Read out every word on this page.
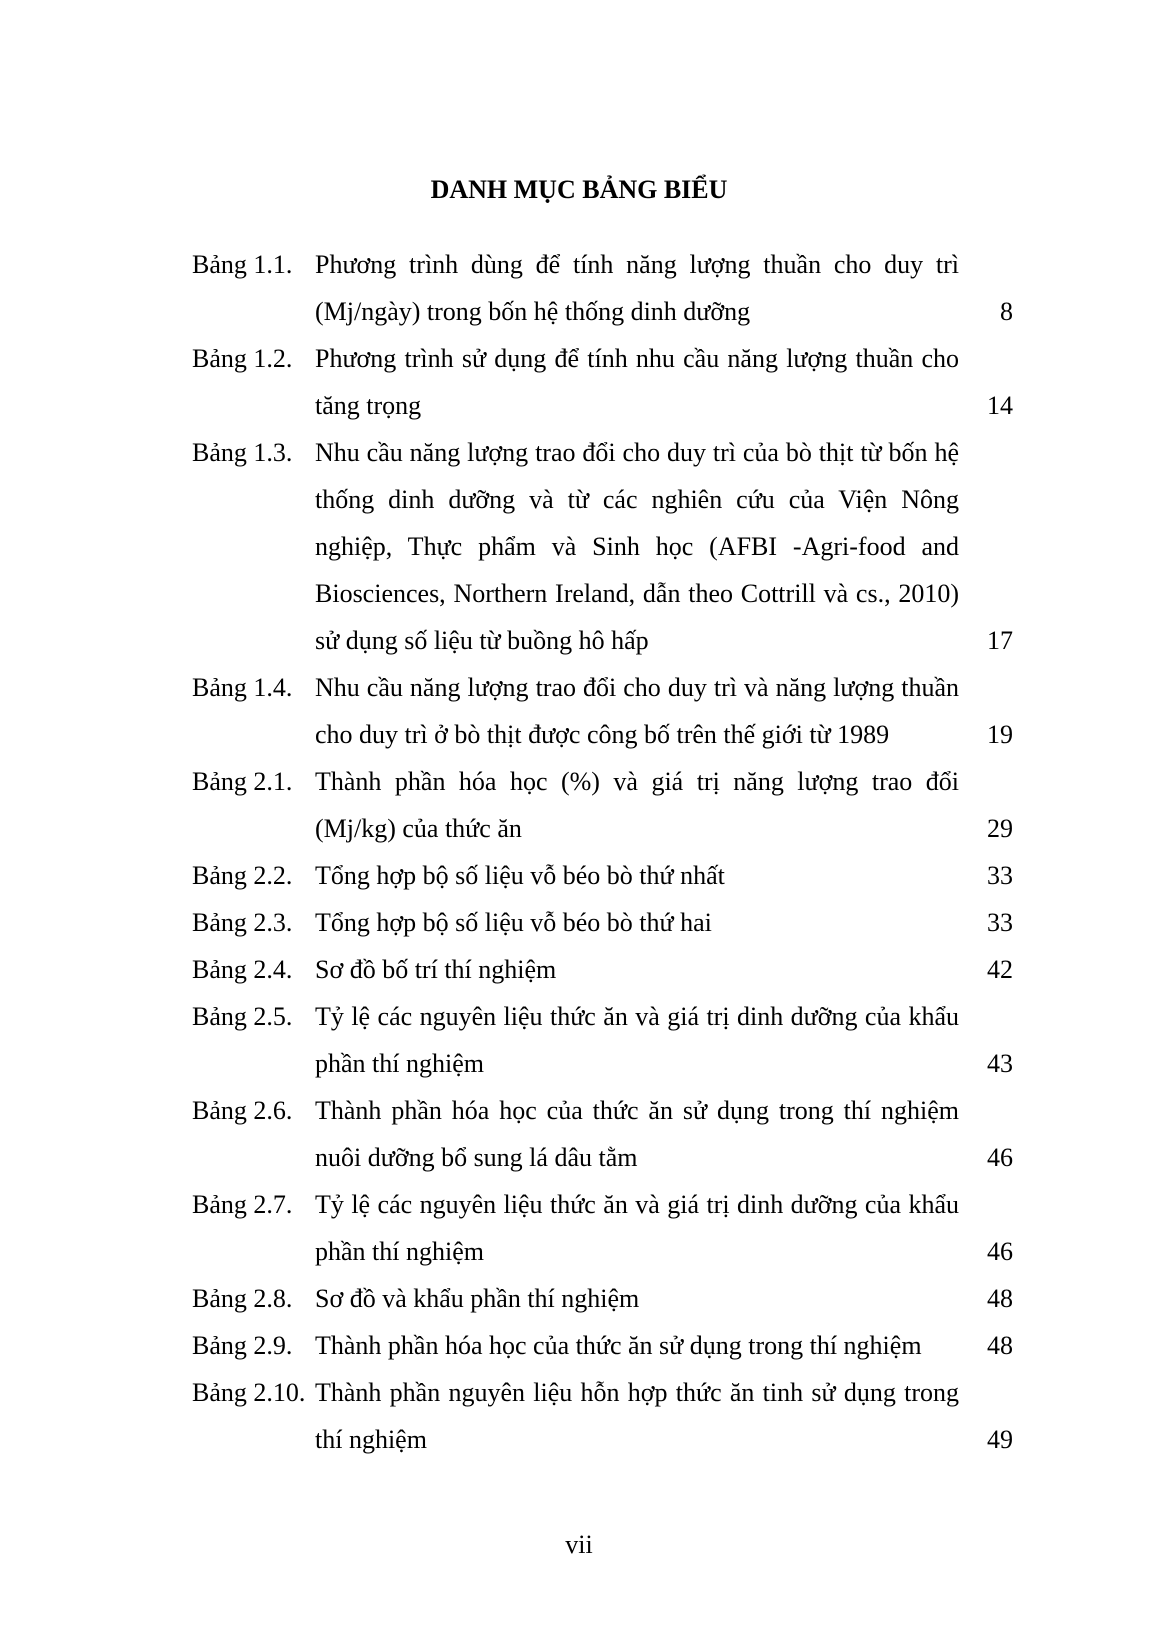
DANH MỤC BẢNG BIỂU
Bảng 1.1. Phương trình dùng để tính năng lượng thuần cho duy trì (Mj/ngày) trong bốn hệ thống dinh dưỡng	8
Bảng 1.2. Phương trình sử dụng để tính nhu cầu năng lượng thuần cho tăng trọng	14
Bảng 1.3. Nhu cầu năng lượng trao đổi cho duy trì của bò thịt từ bốn hệ thống dinh dưỡng và từ các nghiên cứu của Viện Nông nghiệp, Thực phẩm và Sinh học (AFBI -Agri-food and Biosciences, Northern Ireland, dẫn theo Cottrill và cs., 2010) sử dụng số liệu từ buồng hô hấp	17
Bảng 1.4. Nhu cầu năng lượng trao đổi cho duy trì và năng lượng thuần cho duy trì ở bò thịt được công bố trên thế giới từ 1989	19
Bảng 2.1. Thành phần hóa học (%) và giá trị năng lượng trao đổi (Mj/kg) của thức ăn	29
Bảng 2.2. Tổng hợp bộ số liệu vỗ béo bò thứ nhất	33
Bảng 2.3. Tổng hợp bộ số liệu vỗ béo bò thứ hai	33
Bảng 2.4. Sơ đồ bố trí thí nghiệm	42
Bảng 2.5. Tỷ lệ các nguyên liệu thức ăn và giá trị dinh dưỡng của khẩu phần thí nghiệm	43
Bảng 2.6. Thành phần hóa học của thức ăn sử dụng trong thí nghiệm nuôi dưỡng bổ sung lá dâu tằm	46
Bảng 2.7. Tỷ lệ các nguyên liệu thức ăn và giá trị dinh dưỡng của khẩu phần thí nghiệm	46
Bảng 2.8. Sơ đồ và khẩu phần thí nghiệm	48
Bảng 2.9. Thành phần hóa học của thức ăn sử dụng trong thí nghiệm	48
Bảng 2.10. Thành phần nguyên liệu hỗn hợp thức ăn tinh sử dụng trong thí nghiệm	49
vii
